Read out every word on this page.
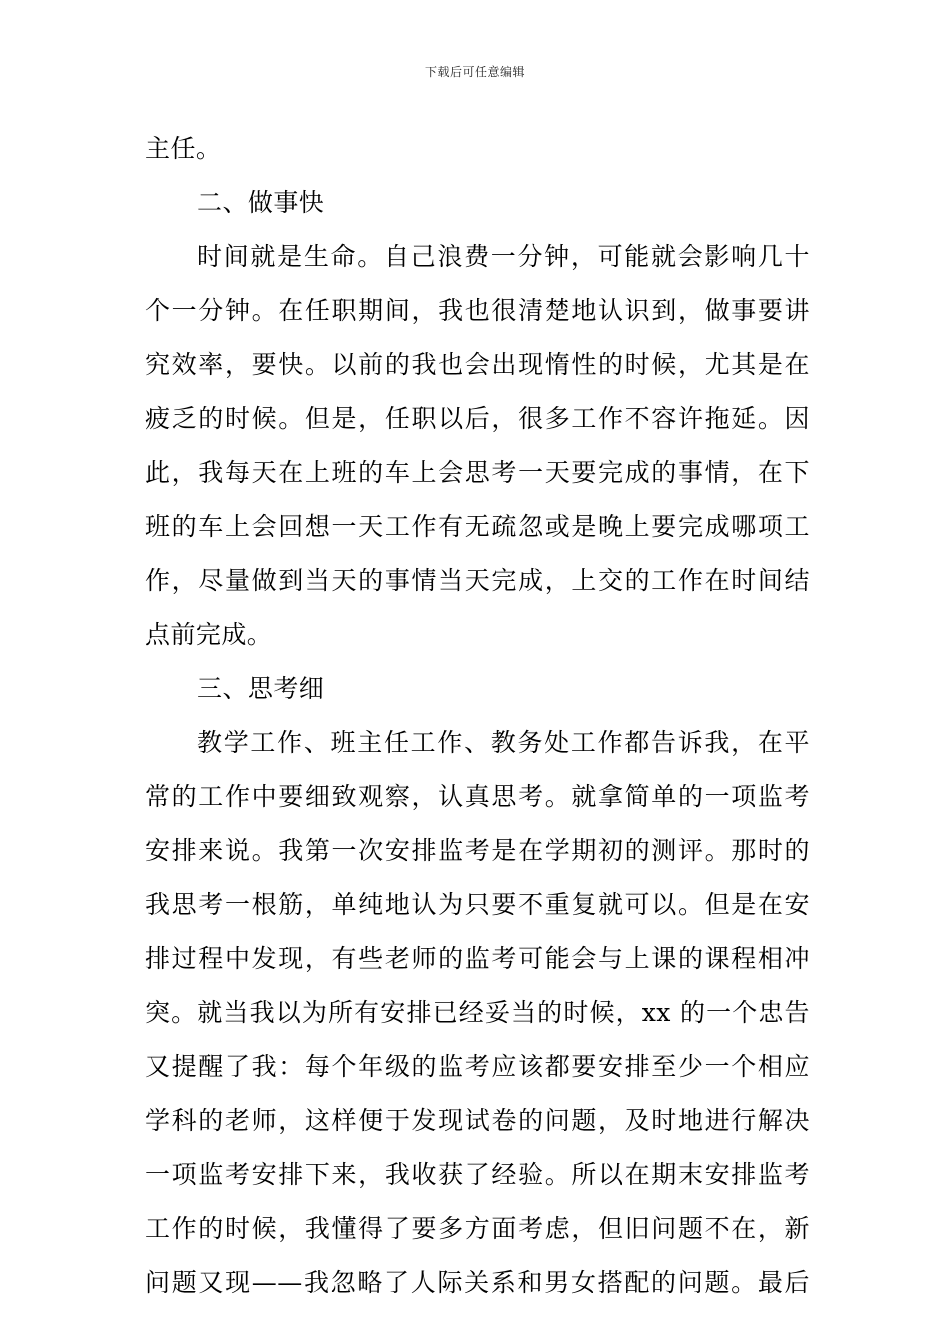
下载后可任意编辑
主任。
二、做事快
时间就是生命。自己浪费一分钟，可能就会影响几十
个一分钟。在任职期间，我也很清楚地认识到，做事要讲
究效率，要快。以前的我也会出现惰性的时候，尤其是在
疲乏的时候。但是，任职以后，很多工作不容许拖延。因
此，我每天在上班的车上会思考一天要完成的事情，在下
班的车上会回想一天工作有无疏忽或是晚上要完成哪项工
作，尽量做到当天的事情当天完成，上交的工作在时间结
点前完成。
三、思考细
教学工作、班主任工作、教务处工作都告诉我，在平
常的工作中要细致观察，认真思考。就拿简单的一项监考
安排来说。我第一次安排监考是在学期初的测评。那时的
我思考一根筋，单纯地认为只要不重复就可以。但是在安
排过程中发现，有些老师的监考可能会与上课的课程相冲
突。就当我以为所有安排已经妥当的时候，xx 的一个忠告
又提醒了我：每个年级的监考应该都要安排至少一个相应
学科的老师，这样便于发现试卷的问题，及时地进行解决
一项监考安排下来，我收获了经验。所以在期末安排监考
工作的时候，我懂得了要多方面考虑，但旧问题不在，新
问题又现——我忽略了人际关系和男女搭配的问题。最后
